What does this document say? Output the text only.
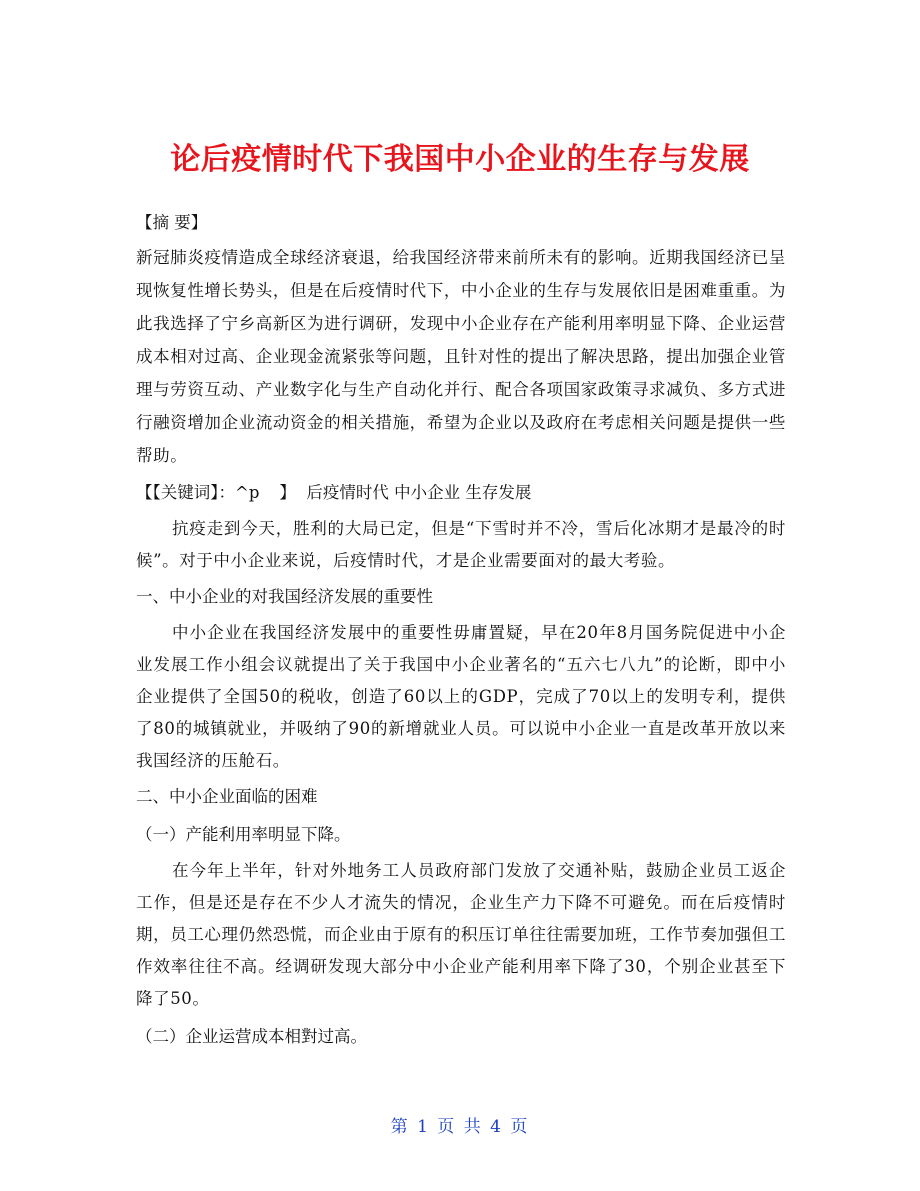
论后疫情时代下我国中小企业的生存与发展

【摘 要】

新冠肺炎疫情造成全球经济衰退，给我国经济带来前所未有的影响。近期我国经济已呈现恢复性增长势头，但是在后疫情时代下，中小企业的生存与发展依旧是困难重重。为此我选择了宁乡高新区为进行调研，发现中小企业存在产能利用率明显下降、企业运营成本相对过高、企业现金流紧张等问题，且针对性的提出了解决思路，提出加强企业管理与劳资互动、产业数字化与生产自动化并行、配合各项国家政策寻求减负、多方式进行融资增加企业流动资金的相关措施，希望为企业以及政府在考虑相关问题是提供一些帮助。

【【关键词】：^p 】 后疫情时代 中小企业 生存发展

抗疫走到今天，胜利的大局已定，但是“下雪时并不冷，雪后化冰期才是最冷的时候”。对于中小企业来说，后疫情时代，才是企业需要面对的最大考验。

一、中小企业的对我国经济发展的重要性

中小企业在我国经济发展中的重要性毋庸置疑，早在20年8月国务院促进中小企业发展工作小组会议就提出了关于我国中小企业著名的“五六七八九”的论断，即中小企业提供了全国50的税收，创造了60以上的GDP，完成了70以上的发明专利，提供了80的城镇就业，并吸纳了90的新增就业人员。可以说中小企业一直是改革开放以来我国经济的压舱石。

二、中小企业面临的困难

（一）产能利用率明显下降。

在今年上半年，针对外地务工人员政府部门发放了交通补贴，鼓励企业员工返企工作，但是还是存在不少人才流失的情况，企业生产力下降不可避免。而在后疫情时期，员工心理仍然恐慌，而企业由于原有的积压订单往往需要加班，工作节奏加强但工作效率往往不高。经调研发现大部分中小企业产能利用率下降了30，个别企业甚至下降了50。

（二）企业运营成本相對过高。

第 1 页 共 4 页
